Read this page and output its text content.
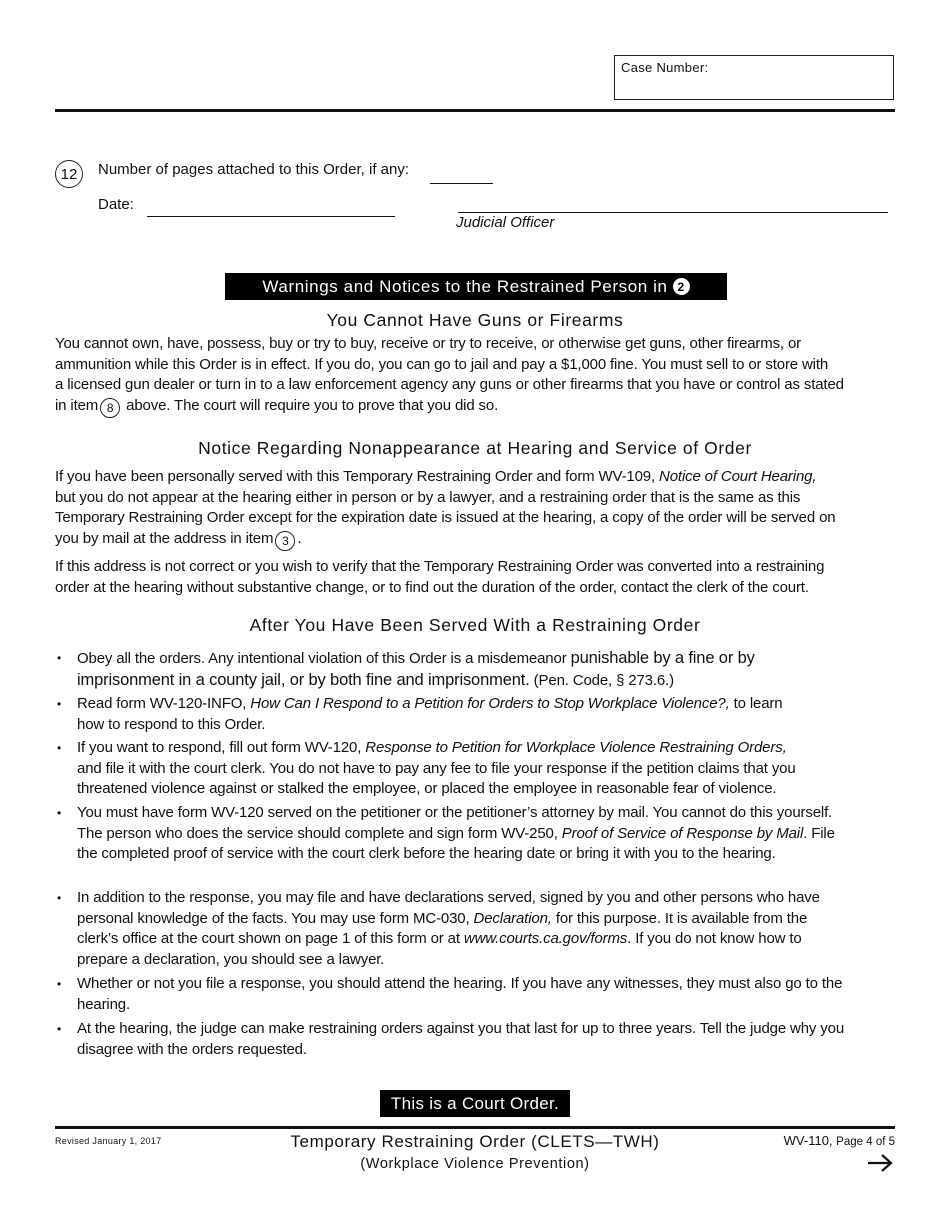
Case Number:
12	Number of pages attached to this Order, if any:
Date:
Judicial Officer
Warnings and Notices to the Restrained Person in 2
You Cannot Have Guns or Firearms
You cannot own, have, possess, buy or try to buy, receive or try to receive, or otherwise get guns, other firearms, or
ammunition while this Order is in effect. If you do, you can go to jail and pay a $1,000 fine. You must sell to or store with
a licensed gun dealer or turn in to a law enforcement agency any guns or other firearms that you have or control as stated
in item 8 above. The court will require you to prove that you did so.
Notice Regarding Nonappearance at Hearing and Service of Order
If you have been personally served with this Temporary Restraining Order and form WV-109, Notice of Court Hearing,
but you do not appear at the hearing either in person or by a lawyer, and a restraining order that is the same as this
Temporary Restraining Order except for the expiration date is issued at the hearing, a copy of the order will be served on
you by mail at the address in item 3 .
If this address is not correct or you wish to verify that the Temporary Restraining Order was converted into a restraining
order at the hearing without substantive change, or to find out the duration of the order, contact the clerk of the court.
After You Have Been Served With a Restraining Order
• Obey all the orders. Any intentional violation of this Order is a misdemeanor punishable by a fine or by
imprisonment in a county jail, or by both fine and imprisonment. (Pen. Code, § 273.6.)
• Read form WV-120-INFO, How Can I Respond to a Petition for Orders to Stop Workplace Violence?, to learn
how to respond to this Order.
• If you want to respond, fill out form WV-120, Response to Petition for Workplace Violence Restraining Orders,
and file it with the court clerk. You do not have to pay any fee to file your response if the petition claims that you
threatened violence against or stalked the employee, or placed the employee in reasonable fear of violence.
• You must have form WV-120 served on the petitioner or the petitioner’s attorney by mail. You cannot do this yourself.
The person who does the service should complete and sign form WV-250, Proof of Service of Response by Mail. File
the completed proof of service with the court clerk before the hearing date or bring it with you to the hearing.
• In addition to the response, you may file and have declarations served, signed by you and other persons who have
personal knowledge of the facts. You may use form MC-030, Declaration, for this purpose. It is available from the
clerk’s office at the court shown on page 1 of this form or at www.courts.ca.gov/forms. If you do not know how to
prepare a declaration, you should see a lawyer.
• Whether or not you file a response, you should attend the hearing. If you have any witnesses, they must also go to the
hearing.
• At the hearing, the judge can make restraining orders against you that last for up to three years. Tell the judge why you
disagree with the orders requested.
This is a Court Order.
Revised January 1, 2017	Temporary Restraining Order (CLETS—TWH)
(Workplace Violence Prevention)
WV-110, Page 4 of 5
